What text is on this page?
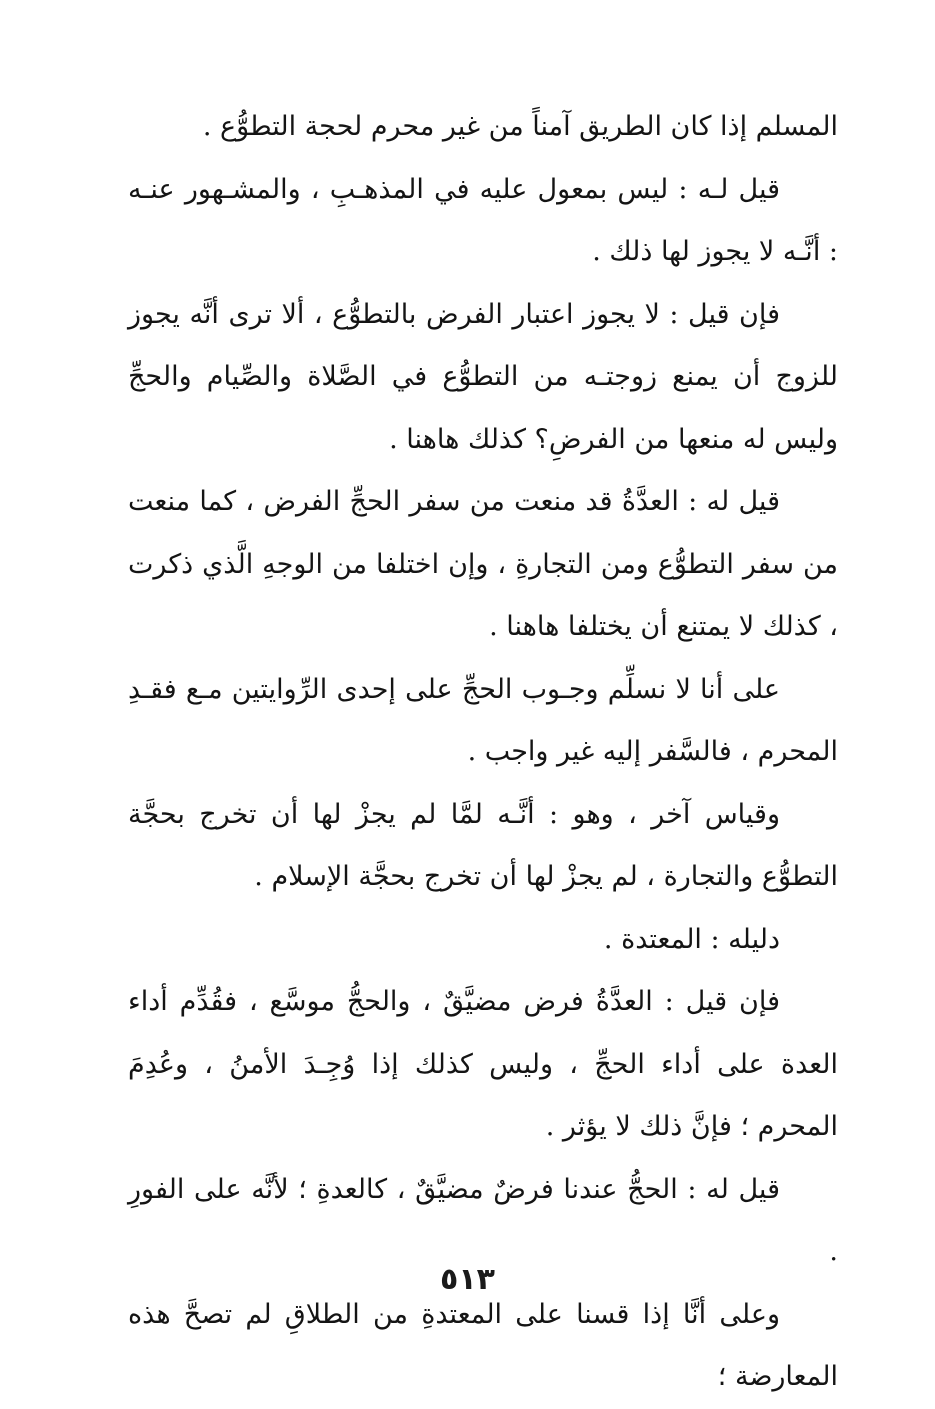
المسلم إذا كان الطريق آمناً من غير محرم لحجة التطوُّع .

قيل لـه : ليس بمعول عليه في المذهـبِ ، والمشـهور عنـه : أنَّـه لا يجوز لها ذلك .

فإن قيل : لا يجوز اعتبار الفرض بالتطوُّع ، ألا ترى أنَّه يجوز للزوج أن يمنع زوجتـه من التطوُّع في الصَّلاة والصِّيام والحجِّ وليس له منعها من الفرضِ؟ كذلك هاهنا .

قيل له : العدَّةُ قد منعت من سفر الحجِّ الفرض ، كما منعت من سفر التطوُّع ومن التجارةِ ، وإن اختلفا من الوجهِ الَّذي ذكرت ، كذلك لا يمتنع أن يختلفا هاهنا .

على أنا لا نسلِّم وجـوب الحجِّ على إحدى الرِّوايتين مـع فقـدِ المحرم ، فالسَّفر إليه غير واجب .

وقياس آخر ، وهو : أنَّـه لمَّا لم يجزْ لها أن تخرج بحجَّة التطوُّع والتجارة ، لم يجزْ لها أن تخرج بحجَّة الإسلام .

دليله : المعتدة .

فإن قيل : العدَّةُ فرض مضيَّقٌ ، والحجُّ موسَّع ، فقُدِّم أداء العدة على أداء الحجِّ ، وليس كذلك إذا وُجِـدَ الأمنُ ، وعُدِمَ المحرم ؛ فإنَّ ذلك لا يؤثر .

قيل له : الحجُّ عندنا فرضٌ مضيَّقٌ ، كالعدةِ ؛ لأنَّه على الفورِ .

وعلى أنَّا إذا قسنا على المعتدةِ من الطلاقِ لم تصحَّ هذه المعارضة ؛

٥١٣
